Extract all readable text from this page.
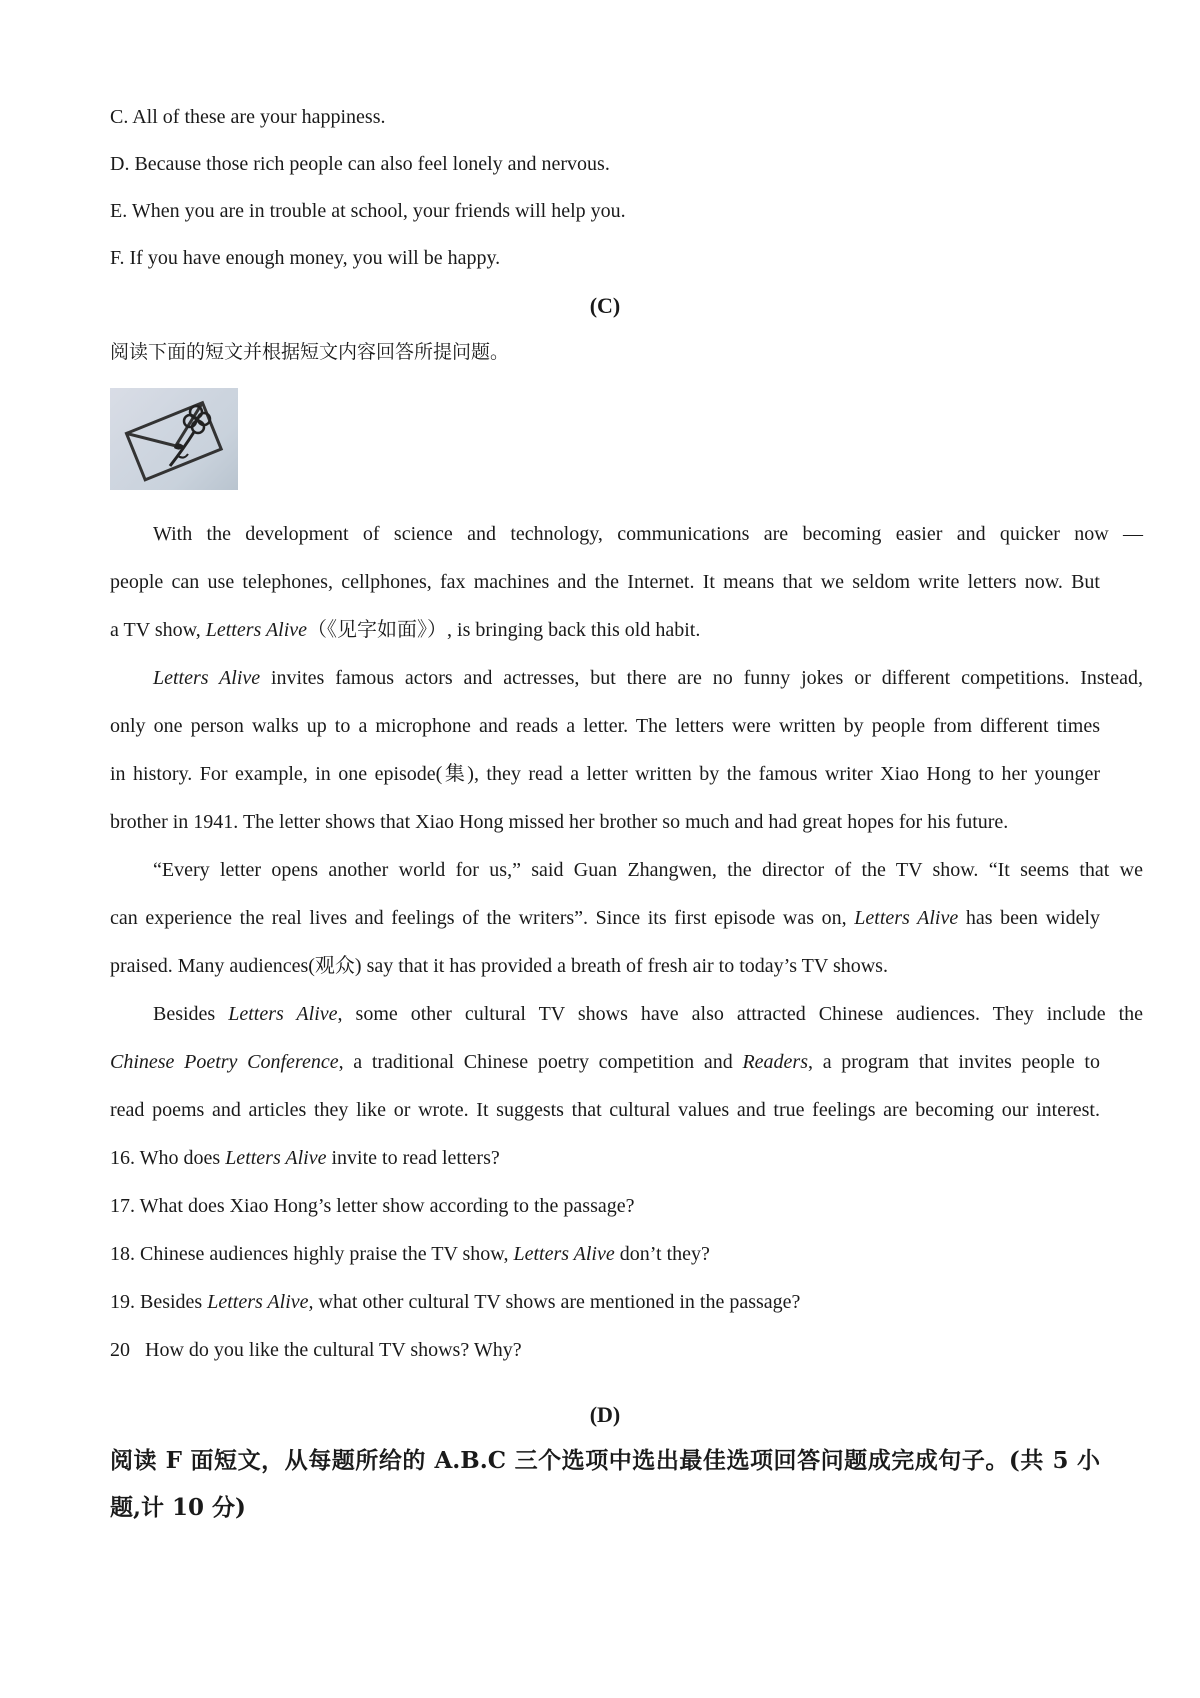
C. All of these are your happiness.
D. Because those rich people can also feel lonely and nervous.
E. When you are in trouble at school, your friends will help you.
F. If you have enough money, you will be happy.
(C)
阅读下面的短文并根据短文内容回答所提问题。
With the development of science and technology, communications are becoming easier and quicker now —
people can use telephones, cellphones, fax machines and the Internet. It means that we seldom write letters now. But
a TV show, Letters Alive（《见字如面》）, is bringing back this old habit.
Letters Alive invites famous actors and actresses, but there are no funny jokes or different competitions. Instead,
only one person walks up to a microphone and reads a letter. The letters were written by people from different times
in history. For example, in one episode(集), they read a letter written by the famous writer Xiao Hong to her younger
brother in 1941. The letter shows that Xiao Hong missed her brother so much and had great hopes for his future.
“Every letter opens another world for us,” said Guan Zhangwen, the director of the TV show. “It seems that we
can experience the real lives and feelings of the writers”. Since its first episode was on, Letters Alive has been widely
praised. Many audiences(观众) say that it has provided a breath of fresh air to today’s TV shows.
Besides Letters Alive, some other cultural TV shows have also attracted Chinese audiences. They include the
Chinese Poetry Conference, a traditional Chinese poetry competition and Readers, a program that invites people to
read poems and articles they like or wrote. It suggests that cultural values and true feelings are becoming our interest.
16. Who does Letters Alive invite to read letters?
17. What does Xiao Hong’s letter show according to the passage?
18. Chinese audiences highly praise the TV show, Letters Alive don’t they?
19. Besides Letters Alive, what other cultural TV shows are mentioned in the passage?
20   How do you like the cultural TV shows? Why?
(D)
阅读 F 面短文，从每题所给的 A.B.C 三个选项中选出最佳选项回答问题成完成句子。(共 5 小
题,计 10 分)
